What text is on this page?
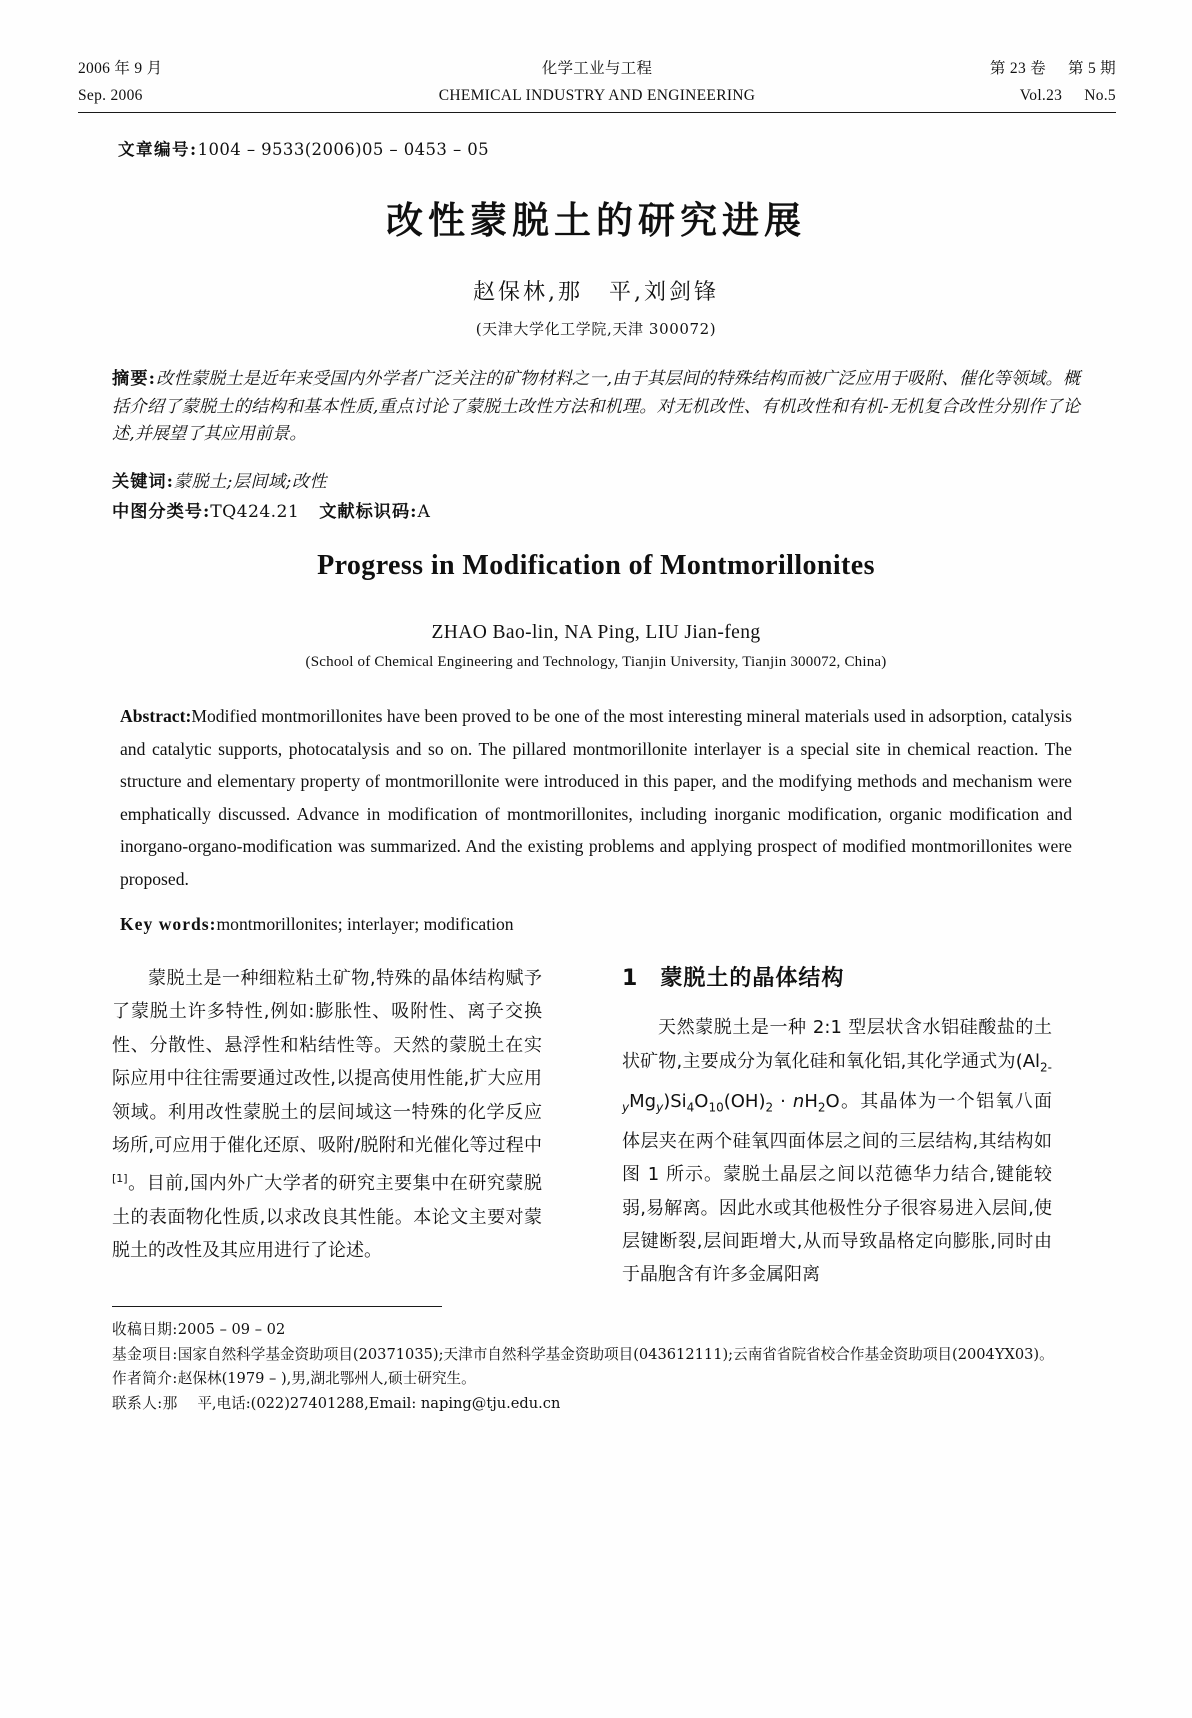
2006 年 9 月	化学工业与工程	第 23 卷 第 5 期
Sep. 2006	CHEMICAL INDUSTRY AND ENGINEERING	Vol.23 No.5
文章编号:1004 – 9533(2006)05 – 0453 – 05
改性蒙脱土的研究进展
赵保林,那 平,刘剑锋
(天津大学化工学院,天津 300072)
摘要:改性蒙脱土是近年来受国内外学者广泛关注的矿物材料之一,由于其层间的特殊结构而被广泛应用于吸附、催化等领域。概括介绍了蒙脱土的结构和基本性质,重点讨论了蒙脱土改性方法和机理。对无机改性、有机改性和有机-无机复合改性分别作了论述,并展望了其应用前景。
关键词:蒙脱土;层间域;改性
中图分类号:TQ424.21 文献标识码:A
Progress in Modification of Montmorillonites
ZHAO Bao-lin, NA Ping, LIU Jian-feng
(School of Chemical Engineering and Technology, Tianjin University, Tianjin 300072, China)
Abstract:Modified montmorillonites have been proved to be one of the most interesting mineral materials used in adsorption, catalysis and catalytic supports, photocatalysis and so on. The pillared montmorillonite interlayer is a special site in chemical reaction. The structure and elementary property of montmorillonite were introduced in this paper, and the modifying methods and mechanism were emphatically discussed. Advance in modification of montmorillonites, including inorganic modification, organic modification and inorgano-organo-modification was summarized. And the existing problems and applying prospect of modified montmorillonites were proposed.
Key words:montmorillonites; interlayer; modification

蒙脱土是一种细粒粘土矿物,特殊的晶体结构赋予了蒙脱土许多特性,例如:膨胀性、吸附性、离子交换性、分散性、悬浮性和粘结性等。天然的蒙脱土在实际应用中往往需要通过改性,以提高使用性能,扩大应用领域。利用改性蒙脱土的层间域这一特殊的化学反应场所,可应用于催化还原、吸附/脱附和光催化等过程中[1]。目前,国内外广大学者的研究主要集中在研究蒙脱土的表面物化性质,以求改良其性能。本论文主要对蒙脱土的改性及其应用进行了论述。

1 蒙脱土的晶体结构

天然蒙脱土是一种 2:1 型层状含水铝硅酸盐的土状矿物,主要成分为氧化硅和氧化铝,其化学通式为$(Al_{2-y}Mg_y)Si_4O_{10}(OH)_2 \cdot nH_2O$。其晶体为一个铝氧八面体层夹在两个硅氧四面体层之间的三层结构,其结构如图 1 所示。蒙脱土晶层之间以范德华力结合,键能较弱,易解离。因此水或其他极性分子很容易进入层间,使层键断裂,层间距增大,从而导致晶格定向膨胀,同时由于晶胞含有许多金属阳离

收稿日期:2005 – 09 – 02
基金项目:国家自然科学基金资助项目(20371035);天津市自然科学基金资助项目(043612111);云南省省院省校合作基金资助项目(2004YX03)。
作者简介:赵保林(1979 – ),男,湖北鄂州人,硕士研究生。
联系人:那 平,电话:(022)27401288,Email: naping@tju.edu.cn
